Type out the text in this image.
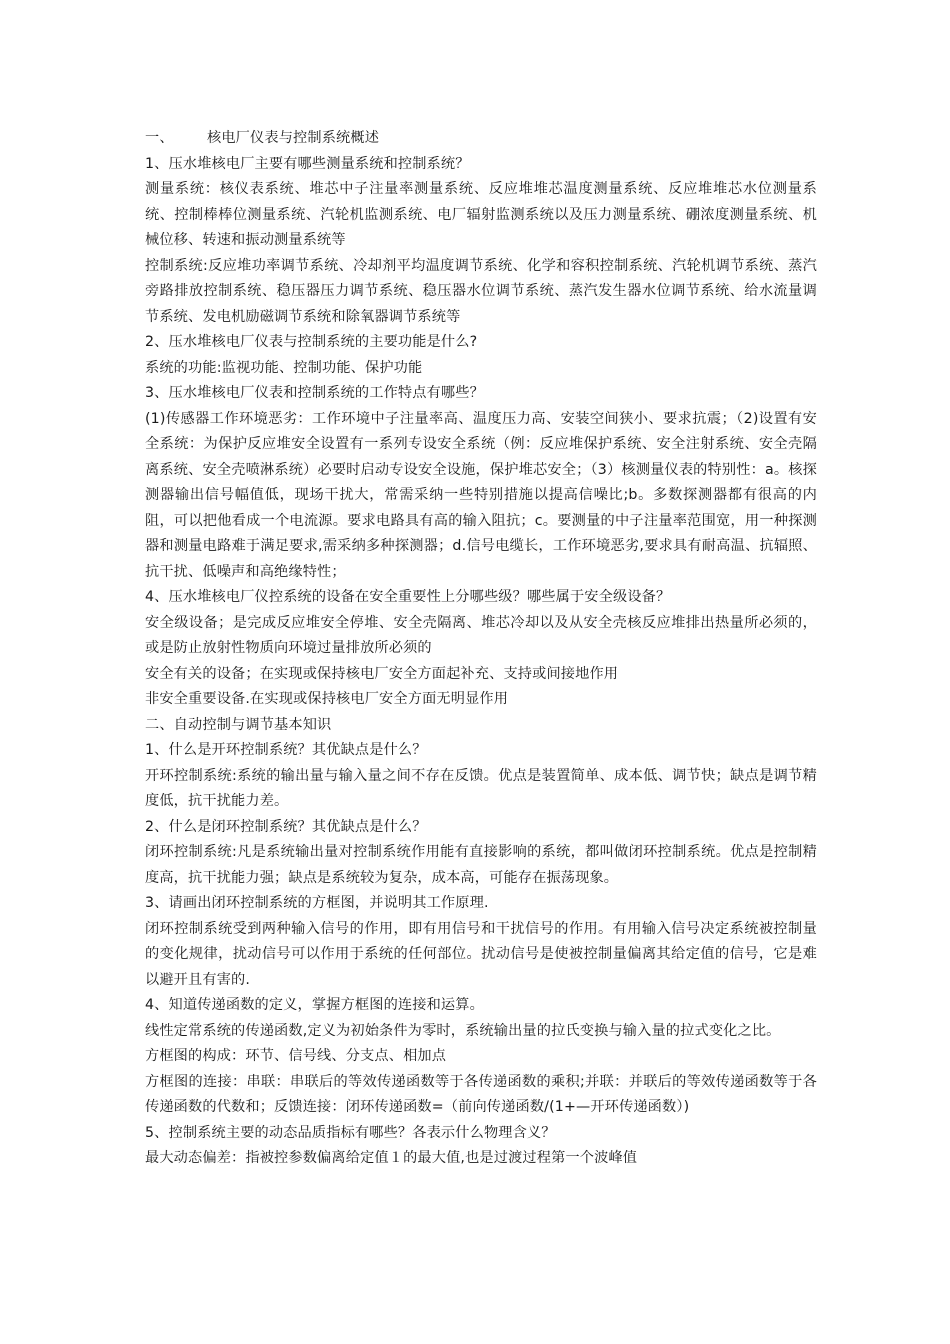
一、 核电厂仪表与控制系统概述
1、压水堆核电厂主要有哪些测量系统和控制系统？
测量系统：核仪表系统、堆芯中子注量率测量系统、反应堆堆芯温度测量系统、反应堆堆芯水位测量系统、控制棒棒位测量系统、汽轮机监测系统、电厂辐射监测系统以及压力测量系统、硼浓度测量系统、机械位移、转速和振动测量系统等
控制系统:反应堆功率调节系统、冷却剂平均温度调节系统、化学和容积控制系统、汽轮机调节系统、蒸汽旁路排放控制系统、稳压器压力调节系统、稳压器水位调节系统、蒸汽发生器水位调节系统、给水流量调节系统、发电机励磁调节系统和除氧器调节系统等
2、压水堆核电厂仪表与控制系统的主要功能是什么?
系统的功能:监视功能、控制功能、保护功能
3、压水堆核电厂仪表和控制系统的工作特点有哪些？
(1)传感器工作环境恶劣：工作环境中子注量率高、温度压力高、安装空间狭小、要求抗震；（2)设置有安全系统：为保护反应堆安全设置有一系列专设安全系统（例：反应堆保护系统、安全注射系统、安全壳隔离系统、安全壳喷淋系统）必要时启动专设安全设施，保护堆芯安全；（3）核测量仪表的特别性：a。核探测器输出信号幅值低，现场干扰大，常需采纳一些特别措施以提高信噪比;b。多数探测器都有很高的内阻，可以把他看成一个电流源。要求电路具有高的输入阻抗；c。要测量的中子注量率范围宽，用一种探测器和测量电路难于满足要求,需采纳多种探测器；d.信号电缆长，工作环境恶劣,要求具有耐高温、抗辐照、抗干扰、低噪声和高绝缘特性；
4、压水堆核电厂仪控系统的设备在安全重要性上分哪些级？哪些属于安全级设备？
安全级设备；是完成反应堆安全停堆、安全壳隔离、堆芯冷却以及从安全壳核反应堆排出热量所必须的，或是防止放射性物质向环境过量排放所必须的
安全有关的设备；在实现或保持核电厂安全方面起补充、支持或间接地作用
非安全重要设备.在实现或保持核电厂安全方面无明显作用
二、自动控制与调节基本知识
1、什么是开环控制系统？其优缺点是什么？
开环控制系统:系统的输出量与输入量之间不存在反馈。优点是装置简单、成本低、调节快；缺点是调节精度低，抗干扰能力差。
2、什么是闭环控制系统？其优缺点是什么？
闭环控制系统:凡是系统输出量对控制系统作用能有直接影响的系统，都叫做闭环控制系统。优点是控制精度高，抗干扰能力强；缺点是系统较为复杂，成本高，可能存在振荡现象。
3、请画出闭环控制系统的方框图，并说明其工作原理.
闭环控制系统受到两种输入信号的作用，即有用信号和干扰信号的作用。有用输入信号决定系统被控制量的变化规律，扰动信号可以作用于系统的任何部位。扰动信号是使被控制量偏离其给定值的信号，它是难以避开且有害的.
4、知道传递函数的定义，掌握方框图的连接和运算。
线性定常系统的传递函数,定义为初始条件为零时，系统输出量的拉氏变换与输入量的拉式变化之比。
方框图的构成：环节、信号线、分支点、相加点
方框图的连接：串联：串联后的等效传递函数等于各传递函数的乘积;并联：并联后的等效传递函数等于各传递函数的代数和；反馈连接：闭环传递函数=（前向传递函数/(1+—开环传递函数）)
5、控制系统主要的动态品质指标有哪些？各表示什么物理含义？
最大动态偏差：指被控参数偏离给定值１的最大值,也是过渡过程第一个波峰值
